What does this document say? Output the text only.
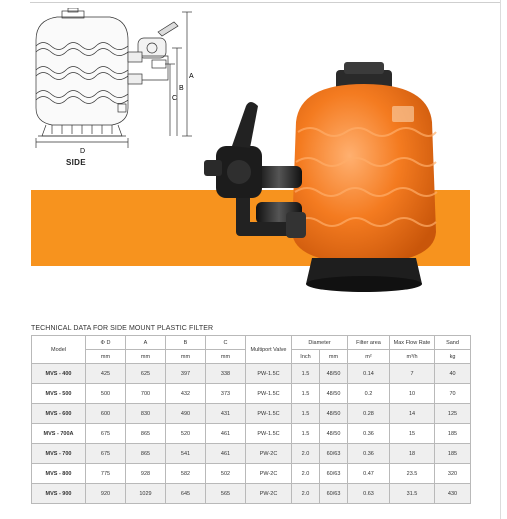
D
A
B
C
SIDE
TECHNICAL DATA FOR SIDE MOUNT PLASTIC FILTER
Model	Φ D	A	B	C	Multiport Valve	Diameter		Filter area	Max Flow Rate	Sand
	mm	mm	mm	mm		Inch	mm	m²	m³/h	kg
MVS - 400	425	625	397	338	PW-1.5C	1.5	48/50	0.14	7	40
MVS - 500	500	700	432	373	PW-1.5C	1.5	48/50	0.2	10	70
MVS - 600	600	830	490	431	PW-1.5C	1.5	48/50	0.28	14	125
MVS - 700A	675	865	520	461	PW-1.5C	1.5	48/50	0.36	15	185
MVS - 700	675	865	541	461	PW-2C	2.0	60/63	0.36	18	185
MVS - 800	775	928	582	502	PW-2C	2.0	60/63	0.47	23.5	320
MVS - 900	920	1029	645	565	PW-2C	2.0	60/63	0.63	31.5	430
